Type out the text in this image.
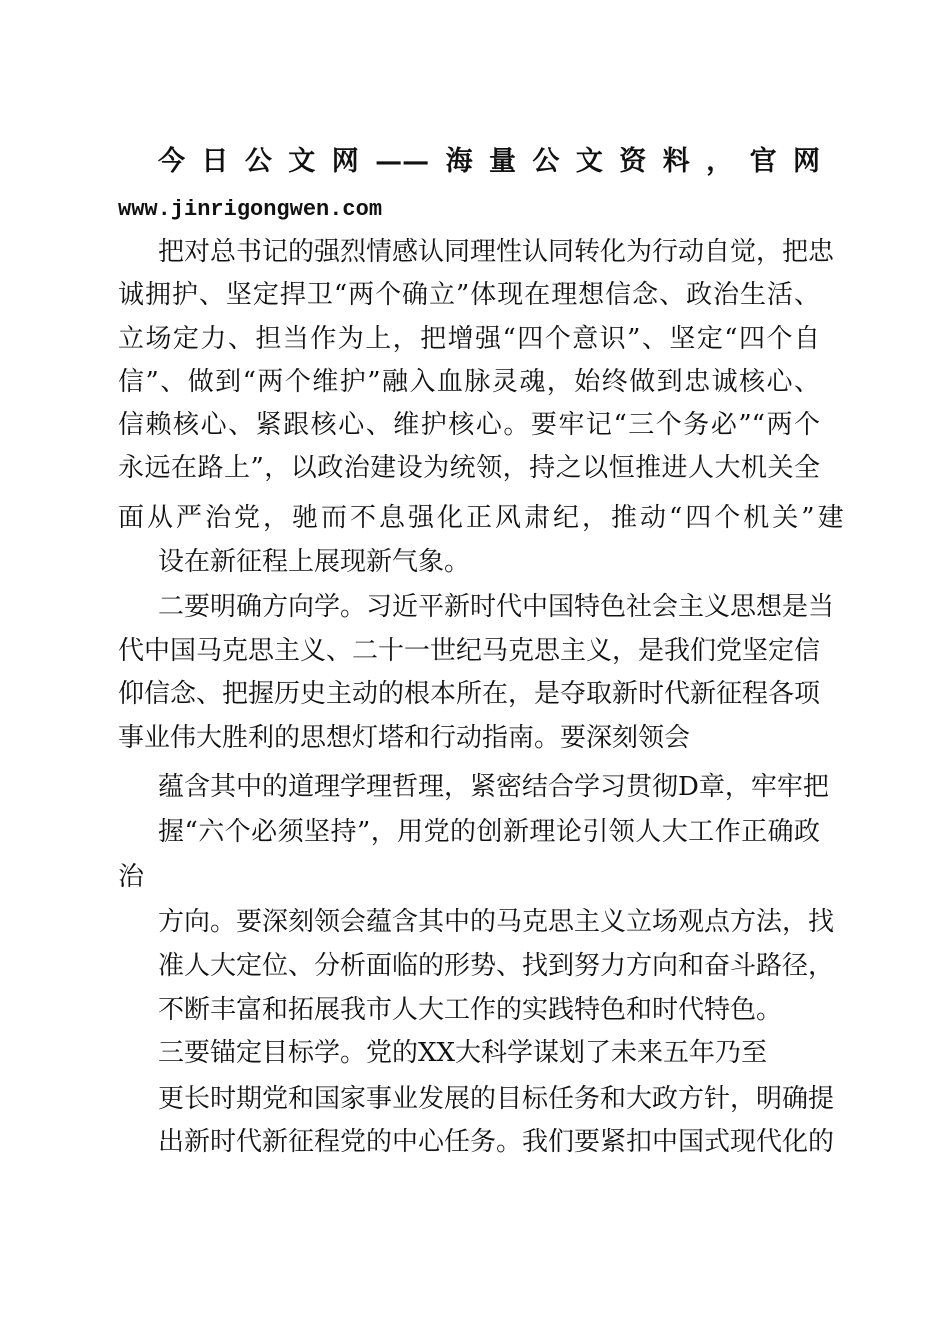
今日公文网——海量公文资料，官网
www.jinrigongwen.com
把对总书记的强烈情感认同理性认同转化为行动自觉，把忠
诚拥护、坚定捍卫“两个确立”体现在理想信念、政治生活、
立场定力、担当作为上，把增强“四个意识”、坚定“四个自
信”、做到“两个维护”融入血脉灵魂，始终做到忠诚核心、
信赖核心、紧跟核心、维护核心。要牢记“三个务必”“两个
永远在路上”，以政治建设为统领，持之以恒推进人大机关全
面从严治党，驰而不息强化正风肃纪，推动“四个机关”建
设在新征程上展现新气象。
二要明确方向学。习近平新时代中国特色社会主义思想是当
代中国马克思主义、二十一世纪马克思主义，是我们党坚定信
仰信念、把握历史主动的根本所在，是夺取新时代新征程各项
事业伟大胜利的思想灯塔和行动指南。要深刻领会
蕴含其中的道理学理哲理，紧密结合学习贯彻D章，牢牢把
握“六个必须坚持”，用党的创新理论引领人大工作正确政
治
方向。要深刻领会蕴含其中的马克思主义立场观点方法，找
准人大定位、分析面临的形势、找到努力方向和奋斗路径，
不断丰富和拓展我市人大工作的实践特色和时代特色。
三要锚定目标学。党的XX大科学谋划了未来五年乃至
更长时期党和国家事业发展的目标任务和大政方针，明确提
出新时代新征程党的中心任务。我们要紧扣中国式现代化的
